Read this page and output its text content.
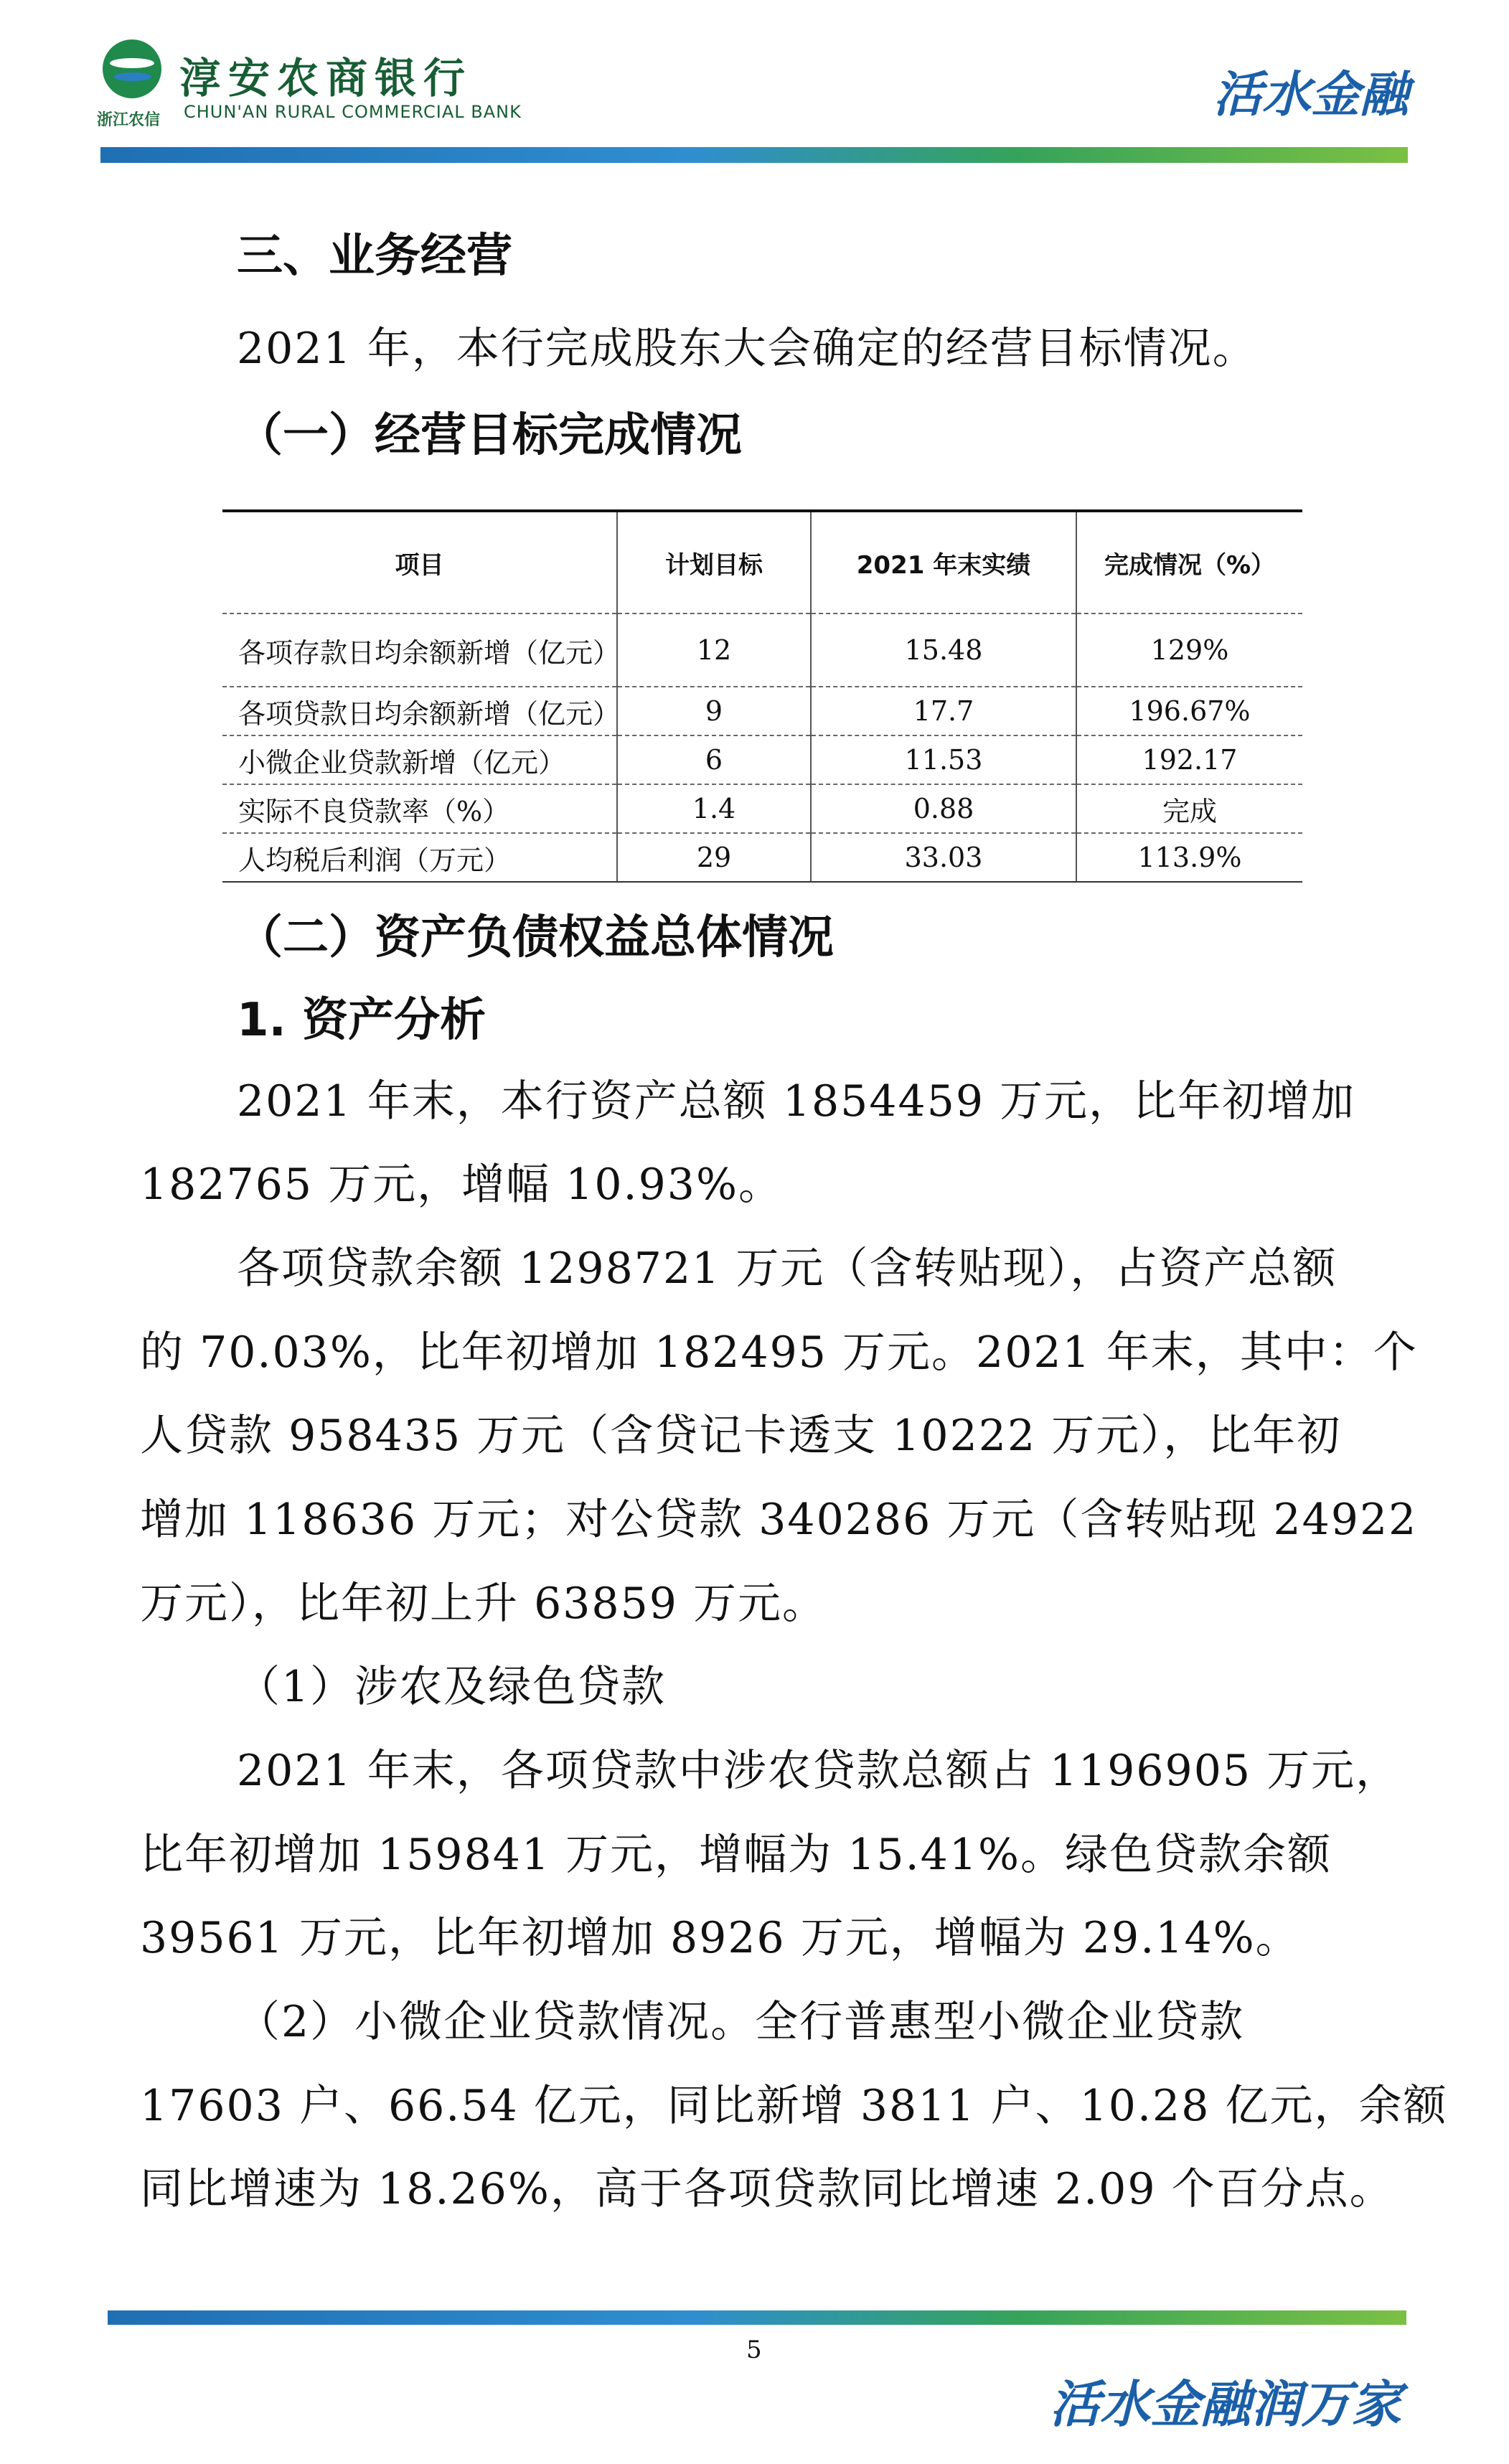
浙江农信
淳安农商银行
CHUN'AN RURAL COMMERCIAL BANK	活水金融
三、业务经营
2021 年，本行完成股东大会确定的经营目标情况。
（一）经营目标完成情况
项目	计划目标	2021 年末实绩	完成情况（%）
各项存款日均余额新增（亿元）	12	15.48	129%
各项贷款日均余额新增（亿元）	9	17.7	196.67%
小微企业贷款新增（亿元）	6	11.53	192.17
实际不良贷款率（%）	1.4	0.88	完成
人均税后利润（万元）	29	33.03	113.9%
（二）资产负债权益总体情况
1. 资产分析
2021 年末，本行资产总额 1854459 万元，比年初增加
182765 万元，增幅 10.93%。
各项贷款余额 1298721 万元（含转贴现），占资产总额
的 70.03%，比年初增加 182495 万元。2021 年末，其中：个
人贷款 958435 万元（含贷记卡透支 10222 万元），比年初
增加 118636 万元；对公贷款 340286 万元（含转贴现 24922
万元），比年初上升 63859 万元。
（1）涉农及绿色贷款
2021 年末，各项贷款中涉农贷款总额占 1196905 万元，
比年初增加 159841 万元，增幅为 15.41%。绿色贷款余额
39561 万元，比年初增加 8926 万元，增幅为 29.14%。
（2）小微企业贷款情况。全行普惠型小微企业贷款
17603 户、66.54 亿元，同比新增 3811 户、10.28 亿元，余额
同比增速为 18.26%，高于各项贷款同比增速 2.09 个百分点。
5
活水金融润万家
